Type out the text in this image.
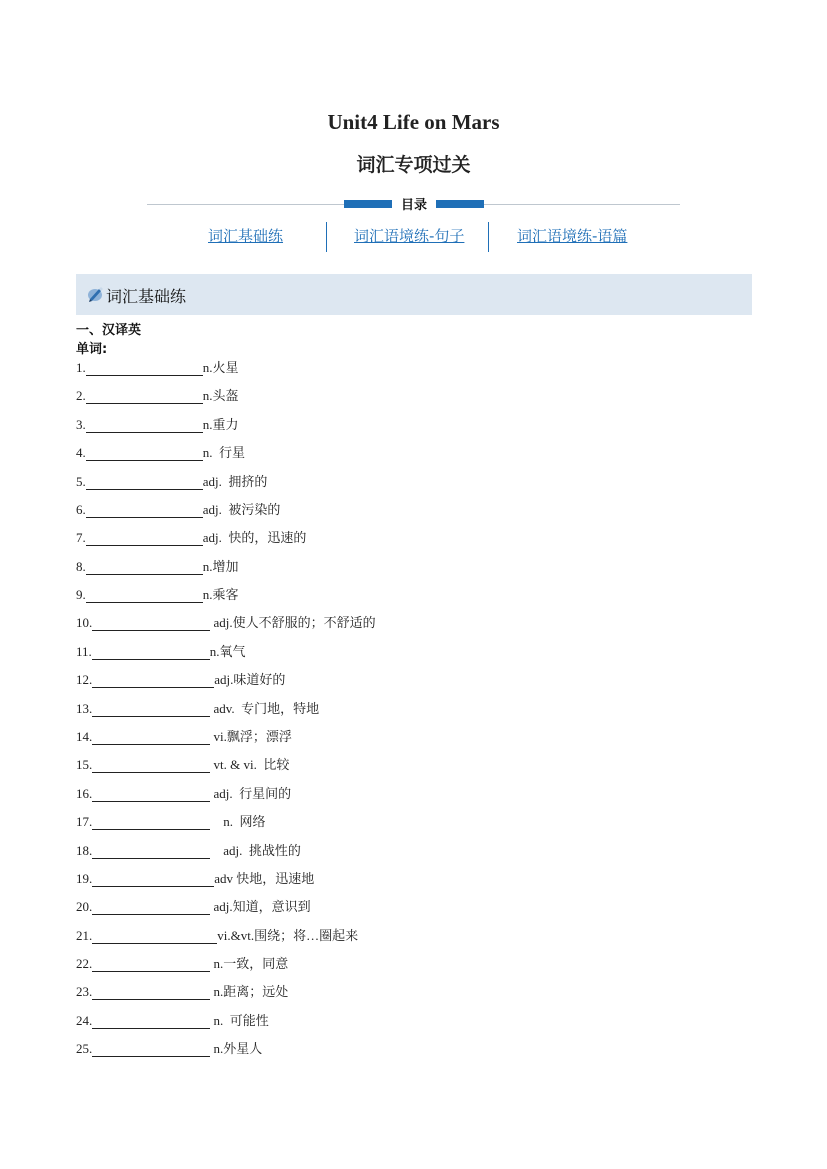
Unit4 Life on Mars
词汇专项过关
目录
词汇基础练	词汇语境练-句子	词汇语境练-语篇
词汇基础练
一、汉译英
单词:
1.	n.火星
2.	n.头盔
3.	n.重力
4.	n.  行星
5.	adj.  拥挤的
6.	adj.  被污染的
7.	adj.  快的，迅速的
8.	n.增加
9.	n.乘客
10.	adj.使人不舒服的；不舒适的
11.	n.氧气
12.	adj.味道好的
13.	adv.  专门地，特地
14.	vi.飘浮；漂浮
15.	vt. & vi.  比较
16.	adj.  行星间的
17.	n.  网络
18.	adj.  挑战性的
19.	adv 快地，迅速地
20.	adj.知道，意识到
21.	vi.&vt.围绕；将…圈起来
22.	n.一致，同意
23.	n.距离；远处
24.	n.  可能性
25.	n.外星人
